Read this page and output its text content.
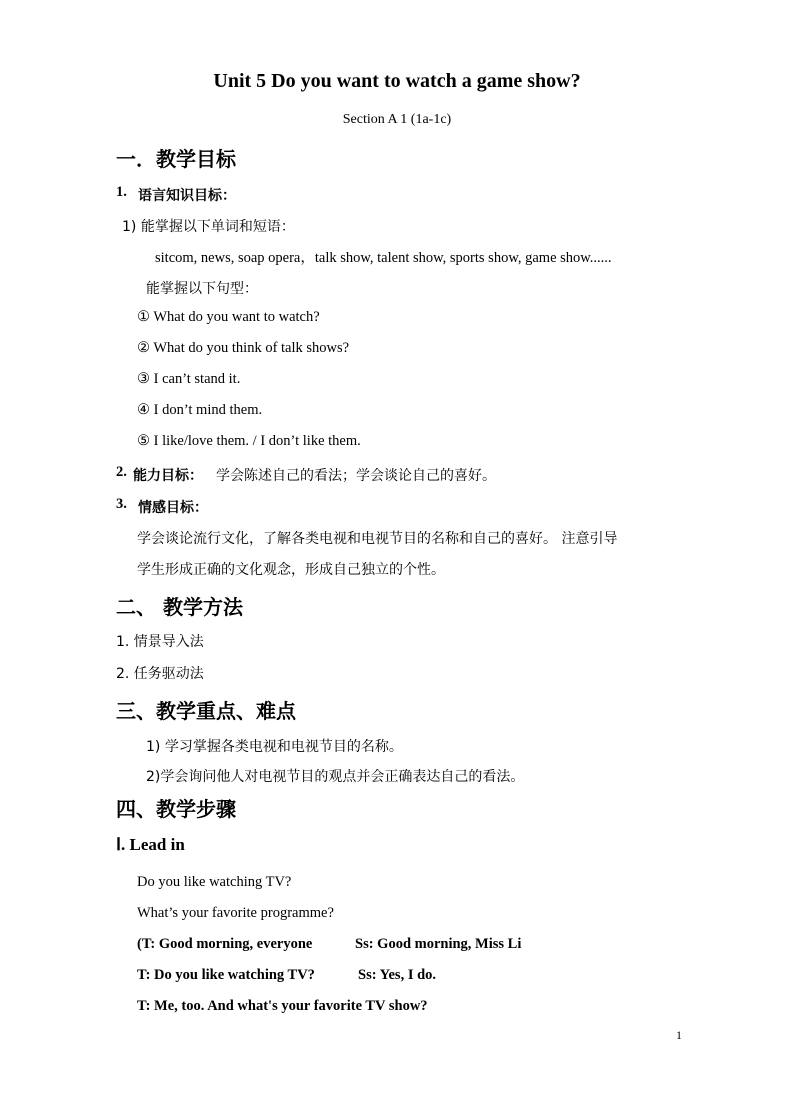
Unit 5 Do you want to watch a game show?
Section A 1 (1a-1c)
一．教学目标
1. 语言知识目标：
1) 能掌握以下单词和短语：
sitcom, news, soap opera，talk show, talent show, sports show, game show......
能掌握以下句型：
① What do you want to watch?
② What do you think of talk shows?
③ I can’t stand it.
④ I don’t mind them.
⑤ I like/love them. / I don’t like them.
2. 能力目标： 学会陈述自己的看法；学会谈论自己的喜好。
3. 情感目标：
学会谈论流行文化，了解各类电视和电视节目的名称和自己的喜好。 注意引导
学生形成正确的文化观念，形成自己独立的个性。
二、 教学方法
1. 情景导入法
2. 任务驱动法
三、教学重点、难点
1) 学习掌握各类电视和电视节目的名称。
2)学会询问他人对电视节目的观点并会正确表达自己的看法。
四、教学步骤
Ⅰ. Lead in
Do you like watching TV?
What’s your favorite programme?
(T: Good morning, everyone	Ss: Good morning, Miss Li
T: Do you like watching TV?	Ss: Yes, I do.
T: Me, too. And what's your favorite TV show?
1
